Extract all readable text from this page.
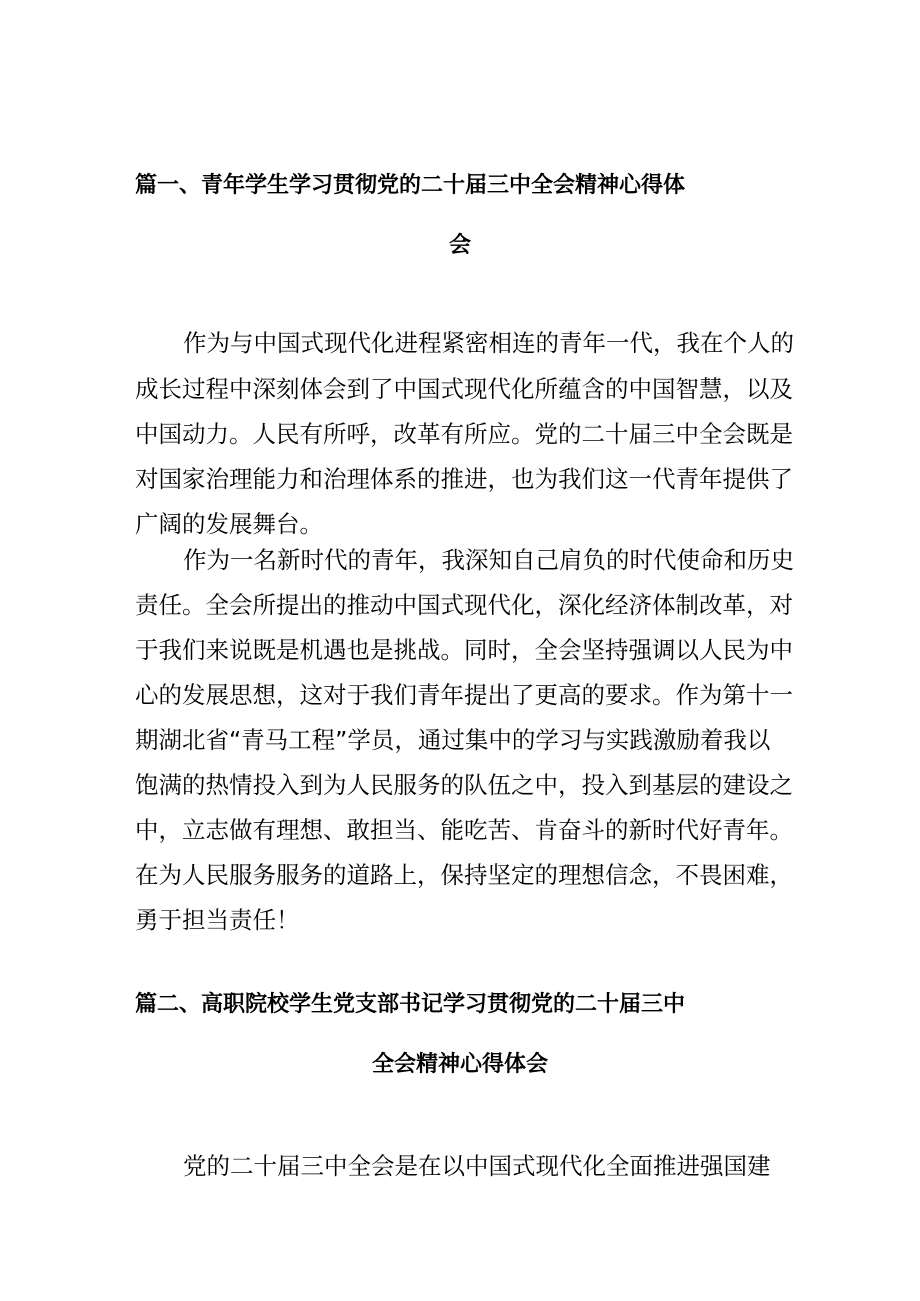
篇一、青年学生学习贯彻党的二十届三中全会精神心得体
会
作为与中国式现代化进程紧密相连的青年一代，我在个人的
成长过程中深刻体会到了中国式现代化所蕴含的中国智慧，以及
中国动力。人民有所呼，改革有所应。党的二十届三中全会既是
对国家治理能力和治理体系的推进，也为我们这一代青年提供了
广阔的发展舞台。
作为一名新时代的青年，我深知自己肩负的时代使命和历史
责任。全会所提出的推动中国式现代化，深化经济体制改革，对
于我们来说既是机遇也是挑战。同时，全会坚持强调以人民为中
心的发展思想，这对于我们青年提出了更高的要求。作为第十一
期湖北省“青马工程”学员，通过集中的学习与实践激励着我以
饱满的热情投入到为人民服务的队伍之中，投入到基层的建设之
中，立志做有理想、敢担当、能吃苦、肯奋斗的新时代好青年。
在为人民服务服务的道路上，保持坚定的理想信念，不畏困难，
勇于担当责任！
篇二、高职院校学生党支部书记学习贯彻党的二十届三中
全会精神心得体会
党的二十届三中全会是在以中国式现代化全面推进强国建
